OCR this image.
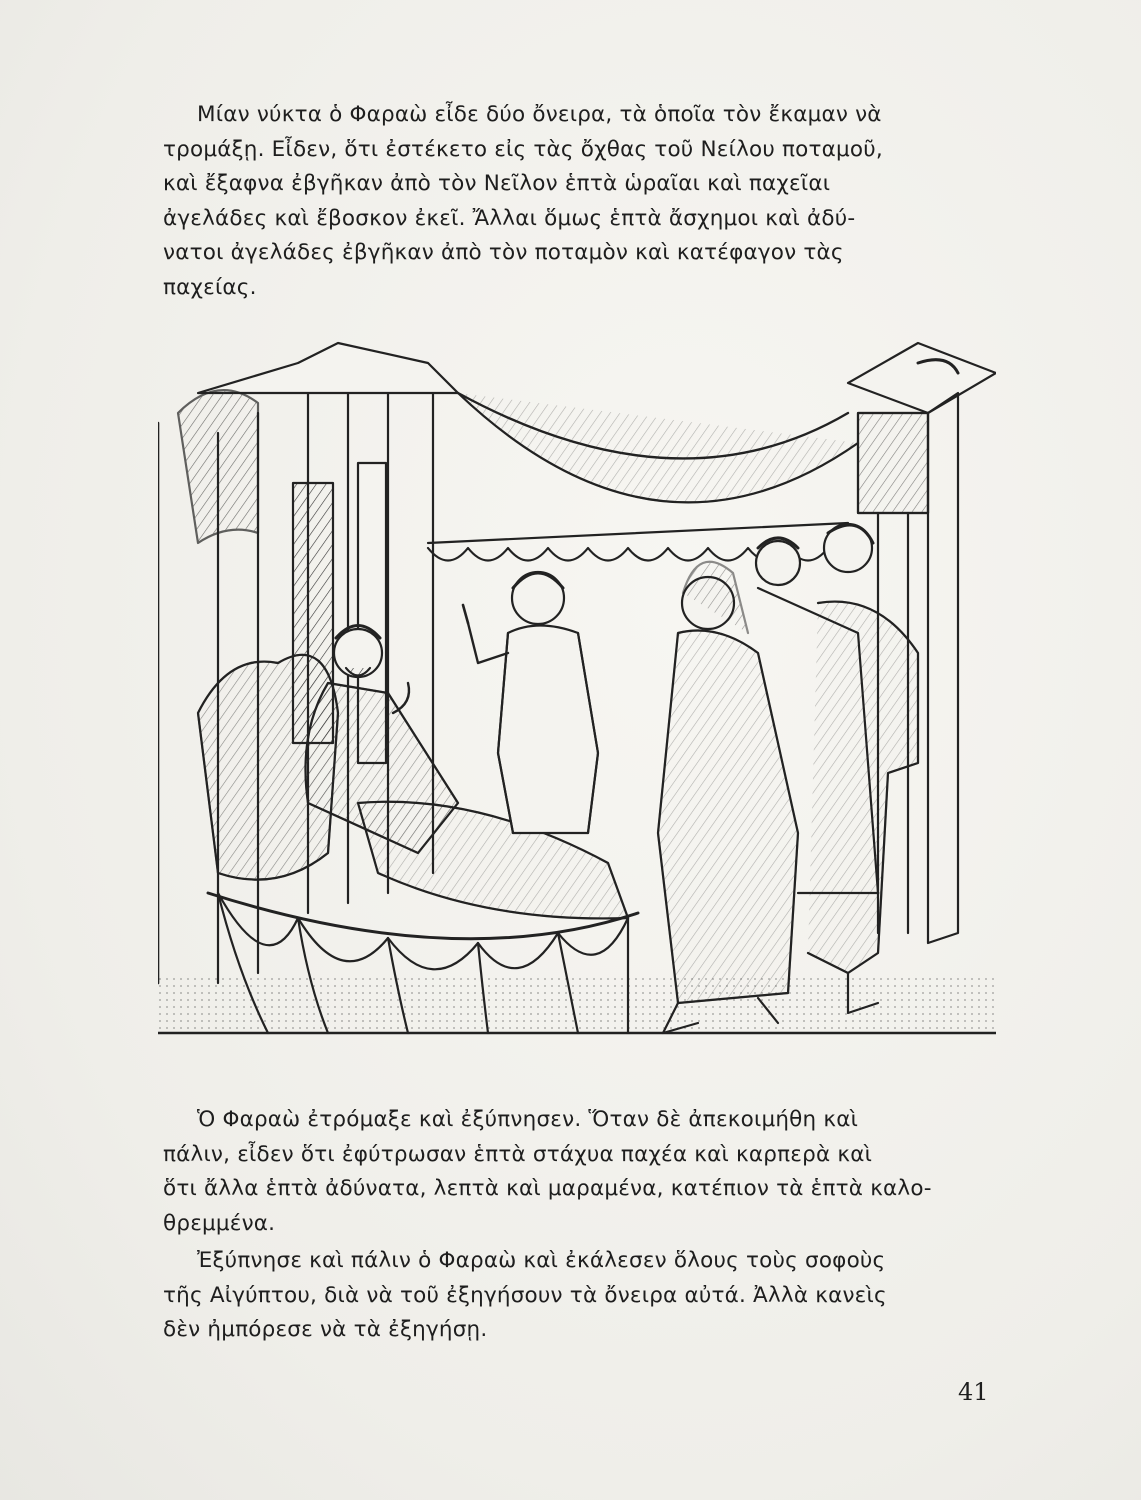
Μίαν νύκτα ὁ Φαραὼ εἶδε δύο ὄνειρα, τὰ ὁποῖα τὸν ἔκαμαν νὰ
τρομάξῃ. Εἶδεν, ὅτι ἐστέκετο εἰς τὰς ὄχθας τοῦ Νείλου ποταμοῦ,
καὶ ἔξαφνα ἐβγῆκαν ἀπὸ τὸν Νεῖλον ἑπτὰ ὡραῖαι καὶ παχεῖαι
ἀγελάδες καὶ ἔβοσκον ἐκεῖ. Ἄλλαι ὅμως ἑπτὰ ἄσχημοι καὶ ἀδύ-
νατοι ἀγελάδες ἐβγῆκαν ἀπὸ τὸν ποταμὸν καὶ κατέφαγον τὰς
παχείας.
Ὁ Φαραὼ ἐτρόμαξε καὶ ἐξύπνησεν. Ὅταν δὲ ἀπεκοιμήθη καὶ
πάλιν, εἶδεν ὅτι ἐφύτρωσαν ἑπτὰ στάχυα παχέα καὶ καρπερὰ καὶ
ὅτι ἄλλα ἑπτὰ ἀδύνατα, λεπτὰ καὶ μαραμένα, κατέπιον τὰ ἑπτὰ καλο-
θρεμμένα.
Ἐξύπνησε καὶ πάλιν ὁ Φαραὼ καὶ ἐκάλεσεν ὅλους τοὺς σοφοὺς
τῆς Αἰγύπτου, διὰ νὰ τοῦ ἐξηγήσουν τὰ ὄνειρα αὐτά. Ἀλλὰ κανεὶς
δὲν ἠμπόρεσε νὰ τὰ ἐξηγήσῃ.
41
